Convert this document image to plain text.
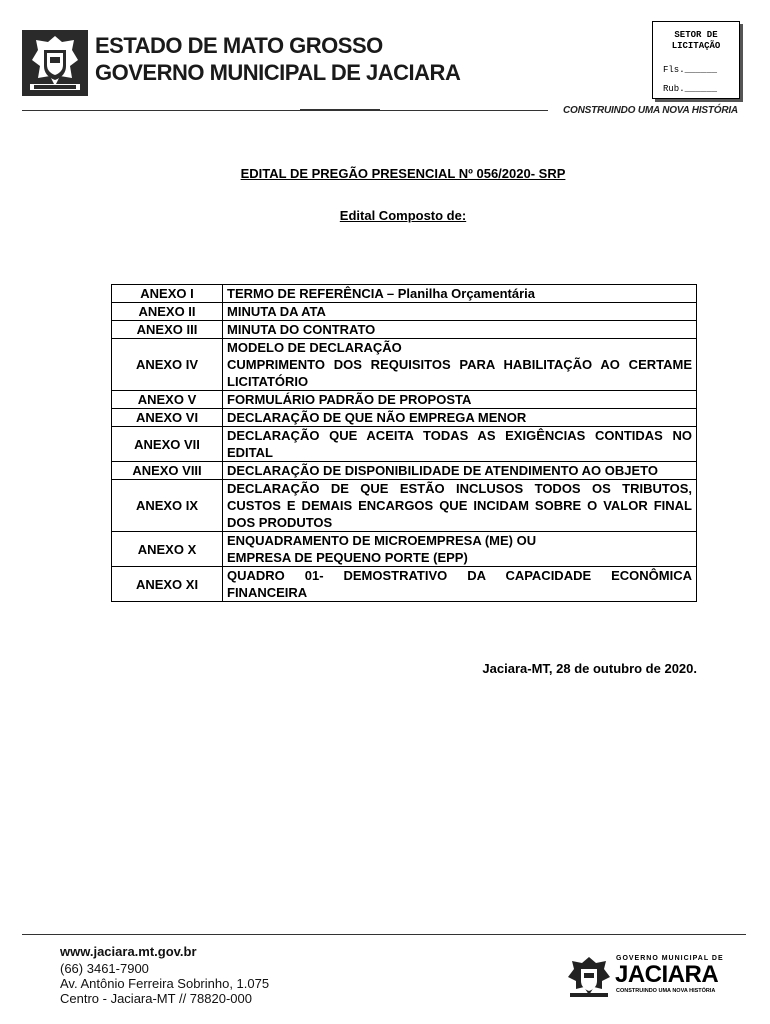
ESTADO DE MATO GROSSO
GOVERNO MUNICIPAL DE JACIARA
CONSTRUINDO UMA NOVA HISTÓRIA
SETOR DE
LICITAÇÃO
Fls.______
Rub.______
EDITAL DE PREGÃO PRESENCIAL Nº 056/2020- SRP
Edital Composto de:
ANEXO I	TERMO DE REFERÊNCIA – Planilha Orçamentária

ANEXO II	MINUTA DA ATA

ANEXO III	MINUTA DO CONTRATO

ANEXO IV	MODELO DE DECLARAÇÃO
CUMPRIMENTO DOS REQUISITOS PARA HABILITAÇÃO AO CERTAME LICITATÓRIO

ANEXO V	FORMULÁRIO PADRÃO DE PROPOSTA

ANEXO VI	DECLARAÇÃO DE QUE NÃO EMPREGA MENOR

ANEXO VII	DECLARAÇÃO QUE ACEITA TODAS AS EXIGÊNCIAS CONTIDAS NO EDITAL

ANEXO VIII	DECLARAÇÃO DE DISPONIBILIDADE DE ATENDIMENTO AO OBJETO

ANEXO IX	DECLARAÇÃO DE QUE ESTÃO INCLUSOS TODOS OS TRIBUTOS, CUSTOS E DEMAIS ENCARGOS QUE INCIDAM SOBRE O VALOR FINAL DOS PRODUTOS

ANEXO X	ENQUADRAMENTO DE MICROEMPRESA (ME) OU
EMPRESA DE PEQUENO PORTE (EPP)

ANEXO XI	QUADRO 01- DEMOSTRATIVO DA CAPACIDADE ECONÔMICA FINANCEIRA
Jaciara-MT, 28 de outubro de 2020.
www.jaciara.mt.gov.br
(66) 3461-7900
Av. Antônio Ferreira Sobrinho, 1.075
Centro - Jaciara-MT // 78820-000
GOVERNO MUNICIPAL DE
JACIARA
CONSTRUINDO UMA NOVA HISTÓRIA
